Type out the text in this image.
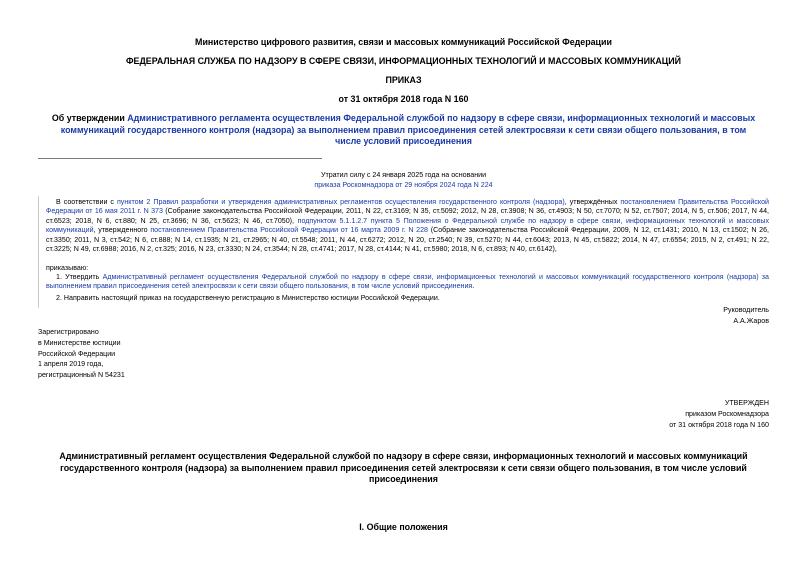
Министерство цифрового развития, связи и массовых коммуникаций Российской Федерации
ФЕДЕРАЛЬНАЯ СЛУЖБА ПО НАДЗОРУ В СФЕРЕ СВЯЗИ, ИНФОРМАЦИОННЫХ ТЕХНОЛОГИЙ И МАССОВЫХ КОММУНИКАЦИЙ
ПРИКАЗ
от 31 октября 2018 года N 160
Об утверждении Административного регламента осуществления Федеральной службой по надзору в сфере связи, информационных технологий и массовых коммуникаций государственного контроля (надзора) за выполнением правил присоединения сетей электросвязи к сети связи общего пользования, в том числе условий присоединения
Утратил силу с 24 января 2025 года на основании
приказа Роскомнадзора от 29 ноября 2024 года N 224
В соответствии с пунктом 2 Правил разработки и утверждения административных регламентов осуществления государственного контроля (надзора), утверждённых постановлением Правительства Российской Федерации от 16 мая 2011 г. N 373 (Собрание законодательства Российской Федерации, 2011, N 22, ст.3169; N 35, ст.5092; 2012, N 28, ст.3908; N 36, ст.4903; N 50, ст.7070; N 52, ст.7507; 2014, N 5, ст.506; 2017, N 44, ст.6523; 2018, N 6, ст.880; N 25, ст.3696; N 36, ст.5623; N 46, ст.7050), подпунктом 5.1.1.2.7 пункта 5 Положения о Федеральной службе по надзору в сфере связи, информационных технологий и массовых коммуникаций, утвержденного постановлением Правительства Российской Федерации от 16 марта 2009 г. N 228 (Собрание законодательства Российской Федерации, 2009, N 12, ст.1431; 2010, N 13, ст.1502; N 26, ст.3350; 2011, N 3, ст.542; N 6, ст.888; N 14, ст.1935; N 21, ст.2965; N 40, ст.5548; 2011, N 44, ст.6272; 2012, N 20, ст.2540; N 39, ст.5270; N 44, ст.6043; 2013, N 45, ст.5822; 2014, N 47, ст.6554; 2015, N 2, ст.491; N 22, ст.3225; N 49, ст.6988; 2016, N 2, ст.325; 2016, N 23, ст.3330; N 24, ст.3544; N 28, ст.4741; 2017, N 28, ст.4144; N 41, ст.5980; 2018, N 6, ст.893; N 40, ст.6142),
приказываю:
1. Утвердить Административный регламент осуществления Федеральной службой по надзору в сфере связи, информационных технологий и массовых коммуникаций государственного контроля (надзора) за выполнением правил присоединения сетей электросвязи к сети связи общего пользования, в том числе условий присоединения.
2. Направить настоящий приказ на государственную регистрацию в Министерство юстиции Российской Федерации.
Руководитель
А.А.Жаров
Зарегистрировано
в Министерстве юстиции
Российской Федерации
1 апреля 2019 года,
регистрационный N 54231
УТВЕРЖДЕН
приказом Роскомнадзора
от 31 октября 2018 года N 160
Административный регламент осуществления Федеральной службой по надзору в сфере связи, информационных технологий и массовых коммуникаций государственного контроля (надзора) за выполнением правил присоединения сетей электросвязи к сети связи общего пользования, в том числе условий присоединения
I. Общие положения
